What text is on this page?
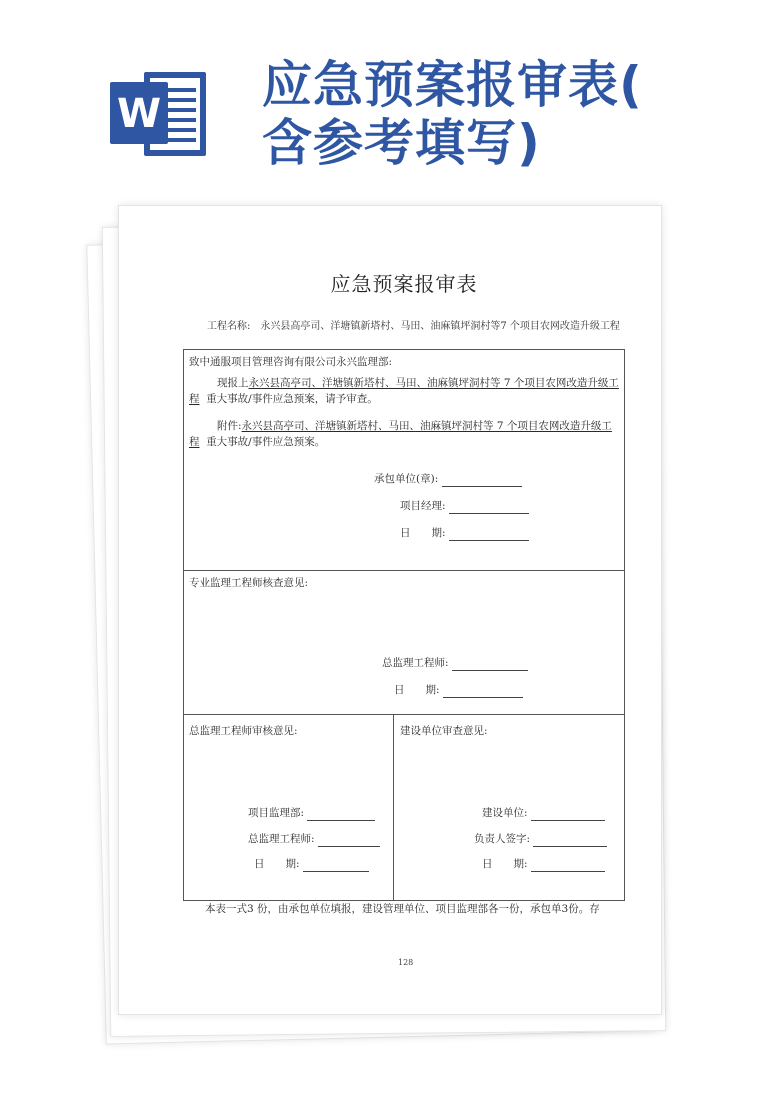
W 应急预案报审表(
含参考填写)
应急预案报审表
工程名称: 永兴县高亭司、洋塘镇新塔村、马田、油麻镇坪洞村等7 个项目农网改造升级工程
致中通服项目管理咨询有限公司永兴监理部:
现报上永兴县高亭司、洋塘镇新塔村、马田、油麻镇坪洞村等 7 个项目农网改造升级工程 重大事故/事件应急预案，请予审查。
附件:永兴县高亭司、洋塘镇新塔村、马田、油麻镇坪洞村等 7 个项目农网改造升级工程 重大事故/事件应急预案。
承包单位(章):
项目经理:
日　　期:
专业监理工程师核查意见:
总监理工程师:
日　　期:
总监理工程师审核意见:
项目监理部:
总监理工程师:
日　　期:
建设单位审查意见:
建设单位:
负责人签字:
日　　期:
本表一式3 份，由承包单位填报，建设管理单位、项目监理部各一份，承包单3份。存
128
